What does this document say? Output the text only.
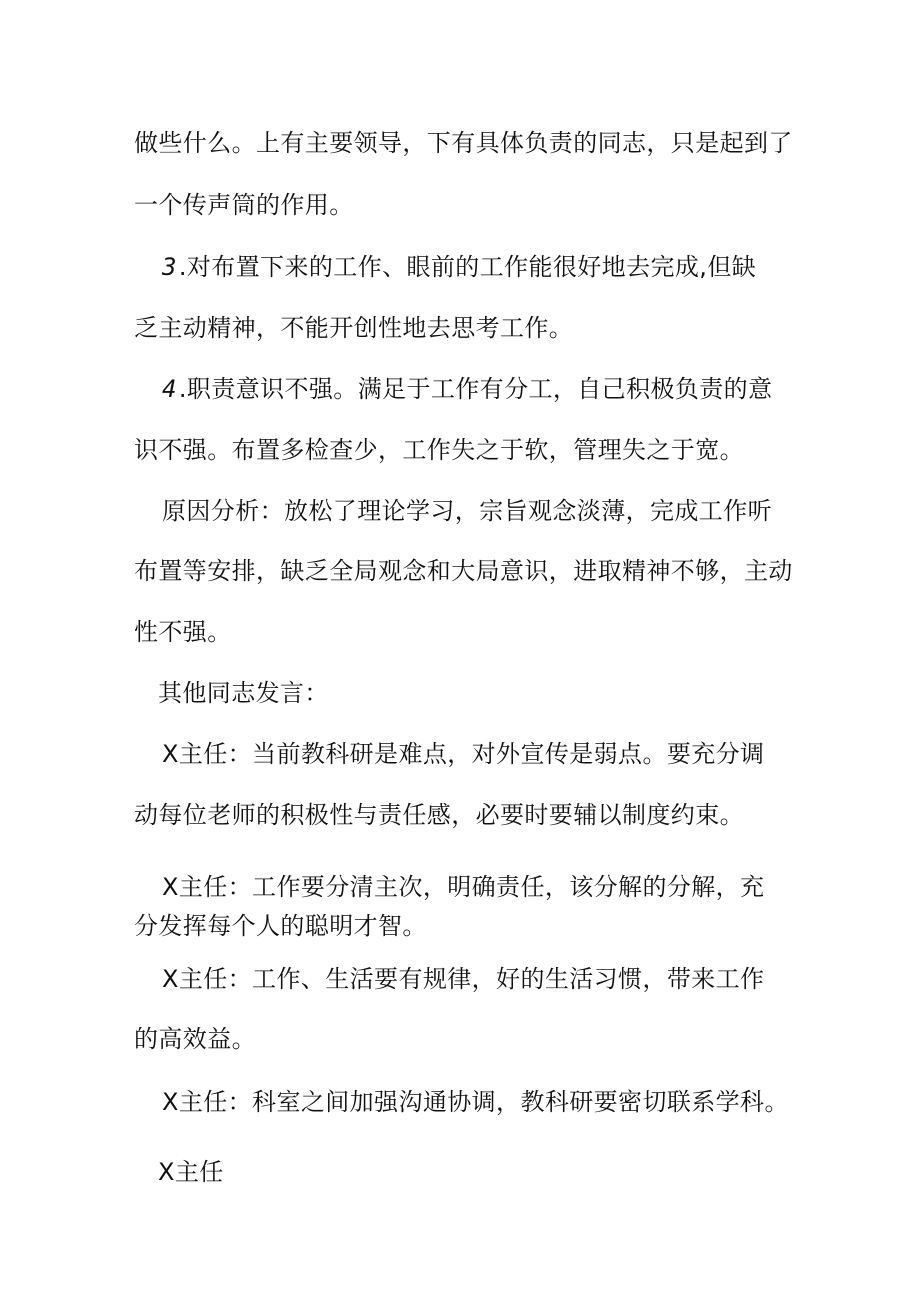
做些什么。上有主要领导，下有具体负责的同志，只是起到了
一个传声筒的作用。
3.对布置下来的工作、眼前的工作能很好地去完成,但缺
乏主动精神，不能开创性地去思考工作。
4.职责意识不强。满足于工作有分工，自己积极负责的意
识不强。布置多检查少，工作失之于软，管理失之于宽。
原因分析：放松了理论学习，宗旨观念淡薄，完成工作听
布置等安排，缺乏全局观念和大局意识，进取精神不够，主动
性不强。
其他同志发言：
X主任：当前教科研是难点，对外宣传是弱点。要充分调
动每位老师的积极性与责任感，必要时要辅以制度约束。
X主任：工作要分清主次，明确责任，该分解的分解，充
分发挥每个人的聪明才智。
X主任：工作、生活要有规律，好的生活习惯，带来工作
的高效益。
X主任：科室之间加强沟通协调，教科研要密切联系学科。
X主任
